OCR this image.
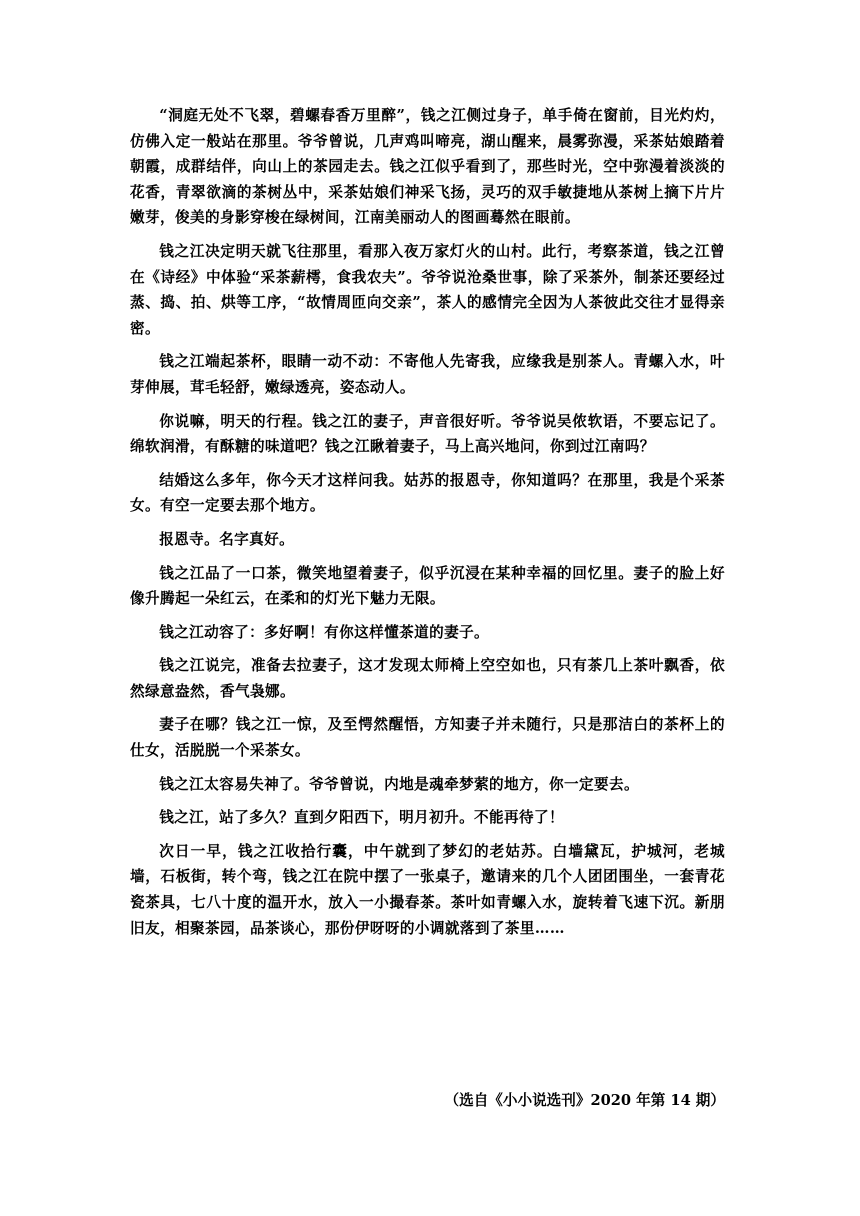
“洞庭无处不飞翠，碧螺春香万里醉”，钱之江侧过身子，单手倚在窗前，目光灼灼，仿佛入定一般站在那里。爷爷曾说，几声鸡叫啼亮，湖山醒来，晨雾弥漫，采茶姑娘踏着朝霞，成群结伴，向山上的茶园走去。钱之江似乎看到了，那些时光，空中弥漫着淡淡的花香，青翠欲滴的茶树丛中，采茶姑娘们神采飞扬，灵巧的双手敏捷地从茶树上摘下片片嫩芽，俊美的身影穿梭在绿树间，江南美丽动人的图画蓦然在眼前。

钱之江决定明天就飞往那里，看那入夜万家灯火的山村。此行，考察茶道，钱之江曾在《诗经》中体验“采茶薪樗，食我农夫”。爷爷说沧桑世事，除了采茶外，制茶还要经过蒸、捣、拍、烘等工序，“故情周匝向交亲”，茶人的感情完全因为人茶彼此交往才显得亲密。

钱之江端起茶杯，眼睛一动不动：不寄他人先寄我，应缘我是别茶人。青螺入水，叶芽伸展，茸毛轻舒，嫩绿透亮，姿态动人。

你说嘛，明天的行程。钱之江的妻子，声音很好听。爷爷说吴侬软语，不要忘记了。绵软润滑，有酥糖的味道吧？钱之江瞅着妻子，马上高兴地问，你到过江南吗？

结婚这么多年，你今天才这样问我。姑苏的报恩寺，你知道吗？在那里，我是个采茶女。有空一定要去那个地方。

报恩寺。名字真好。

钱之江品了一口茶，微笑地望着妻子，似乎沉浸在某种幸福的回忆里。妻子的脸上好像升腾起一朵红云，在柔和的灯光下魅力无限。

钱之江动容了：多好啊！有你这样懂茶道的妻子。

钱之江说完，准备去拉妻子，这才发现太师椅上空空如也，只有茶几上茶叶飘香，依然绿意盎然，香气袅娜。

妻子在哪？钱之江一惊，及至愕然醒悟，方知妻子并未随行，只是那洁白的茶杯上的仕女，活脱脱一个采茶女。

钱之江太容易失神了。爷爷曾说，内地是魂牵梦萦的地方，你一定要去。

钱之江，站了多久？直到夕阳西下，明月初升。不能再待了！

次日一早，钱之江收拾行囊，中午就到了梦幻的老姑苏。白墙黛瓦，护城河，老城墙，石板街，转个弯，钱之江在院中摆了一张桌子，邀请来的几个人团团围坐，一套青花瓷茶具，七八十度的温开水，放入一小撮春茶。茶叶如青螺入水，旋转着飞速下沉。新朋旧友，相聚茶园，品茶谈心，那份伊呀呀的小调就落到了茶里……

（选自《小小说选刊》2020 年第 14 期）
